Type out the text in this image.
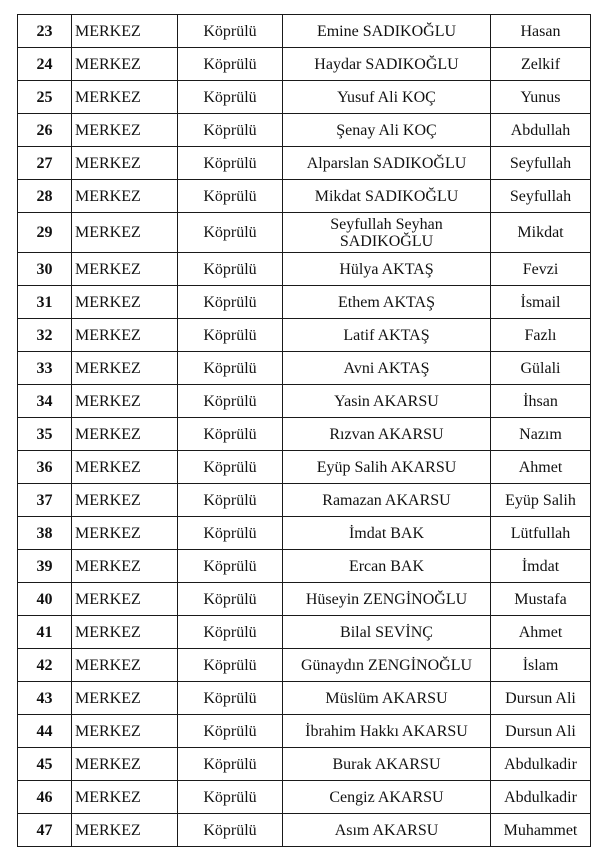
23	MERKEZ	Köprülü	Emine SADIKOĞLU	Hasan
24	MERKEZ	Köprülü	Haydar SADIKOĞLU	Zelkif
25	MERKEZ	Köprülü	Yusuf Ali KOÇ	Yunus
26	MERKEZ	Köprülü	Şenay Ali KOÇ	Abdullah
27	MERKEZ	Köprülü	Alparslan SADIKOĞLU	Seyfullah
28	MERKEZ	Köprülü	Mikdat SADIKOĞLU	Seyfullah
29	MERKEZ	Köprülü	Seyfullah Seyhan SADIKOĞLU	Mikdat
30	MERKEZ	Köprülü	Hülya AKTAŞ	Fevzi
31	MERKEZ	Köprülü	Ethem AKTAŞ	İsmail
32	MERKEZ	Köprülü	Latif AKTAŞ	Fazlı
33	MERKEZ	Köprülü	Avni AKTAŞ	Gülali
34	MERKEZ	Köprülü	Yasin AKARSU	İhsan
35	MERKEZ	Köprülü	Rızvan AKARSU	Nazım
36	MERKEZ	Köprülü	Eyüp Salih AKARSU	Ahmet
37	MERKEZ	Köprülü	Ramazan AKARSU	Eyüp Salih
38	MERKEZ	Köprülü	İmdat BAK	Lütfullah
39	MERKEZ	Köprülü	Ercan BAK	İmdat
40	MERKEZ	Köprülü	Hüseyin ZENGİNOĞLU	Mustafa
41	MERKEZ	Köprülü	Bilal SEVİNÇ	Ahmet
42	MERKEZ	Köprülü	Günaydın ZENGİNOĞLU	İslam
43	MERKEZ	Köprülü	Müslüm AKARSU	Dursun Ali
44	MERKEZ	Köprülü	İbrahim Hakkı AKARSU	Dursun Ali
45	MERKEZ	Köprülü	Burak AKARSU	Abdulkadir
46	MERKEZ	Köprülü	Cengiz AKARSU	Abdulkadir
47	MERKEZ	Köprülü	Asım AKARSU	Muhammet
